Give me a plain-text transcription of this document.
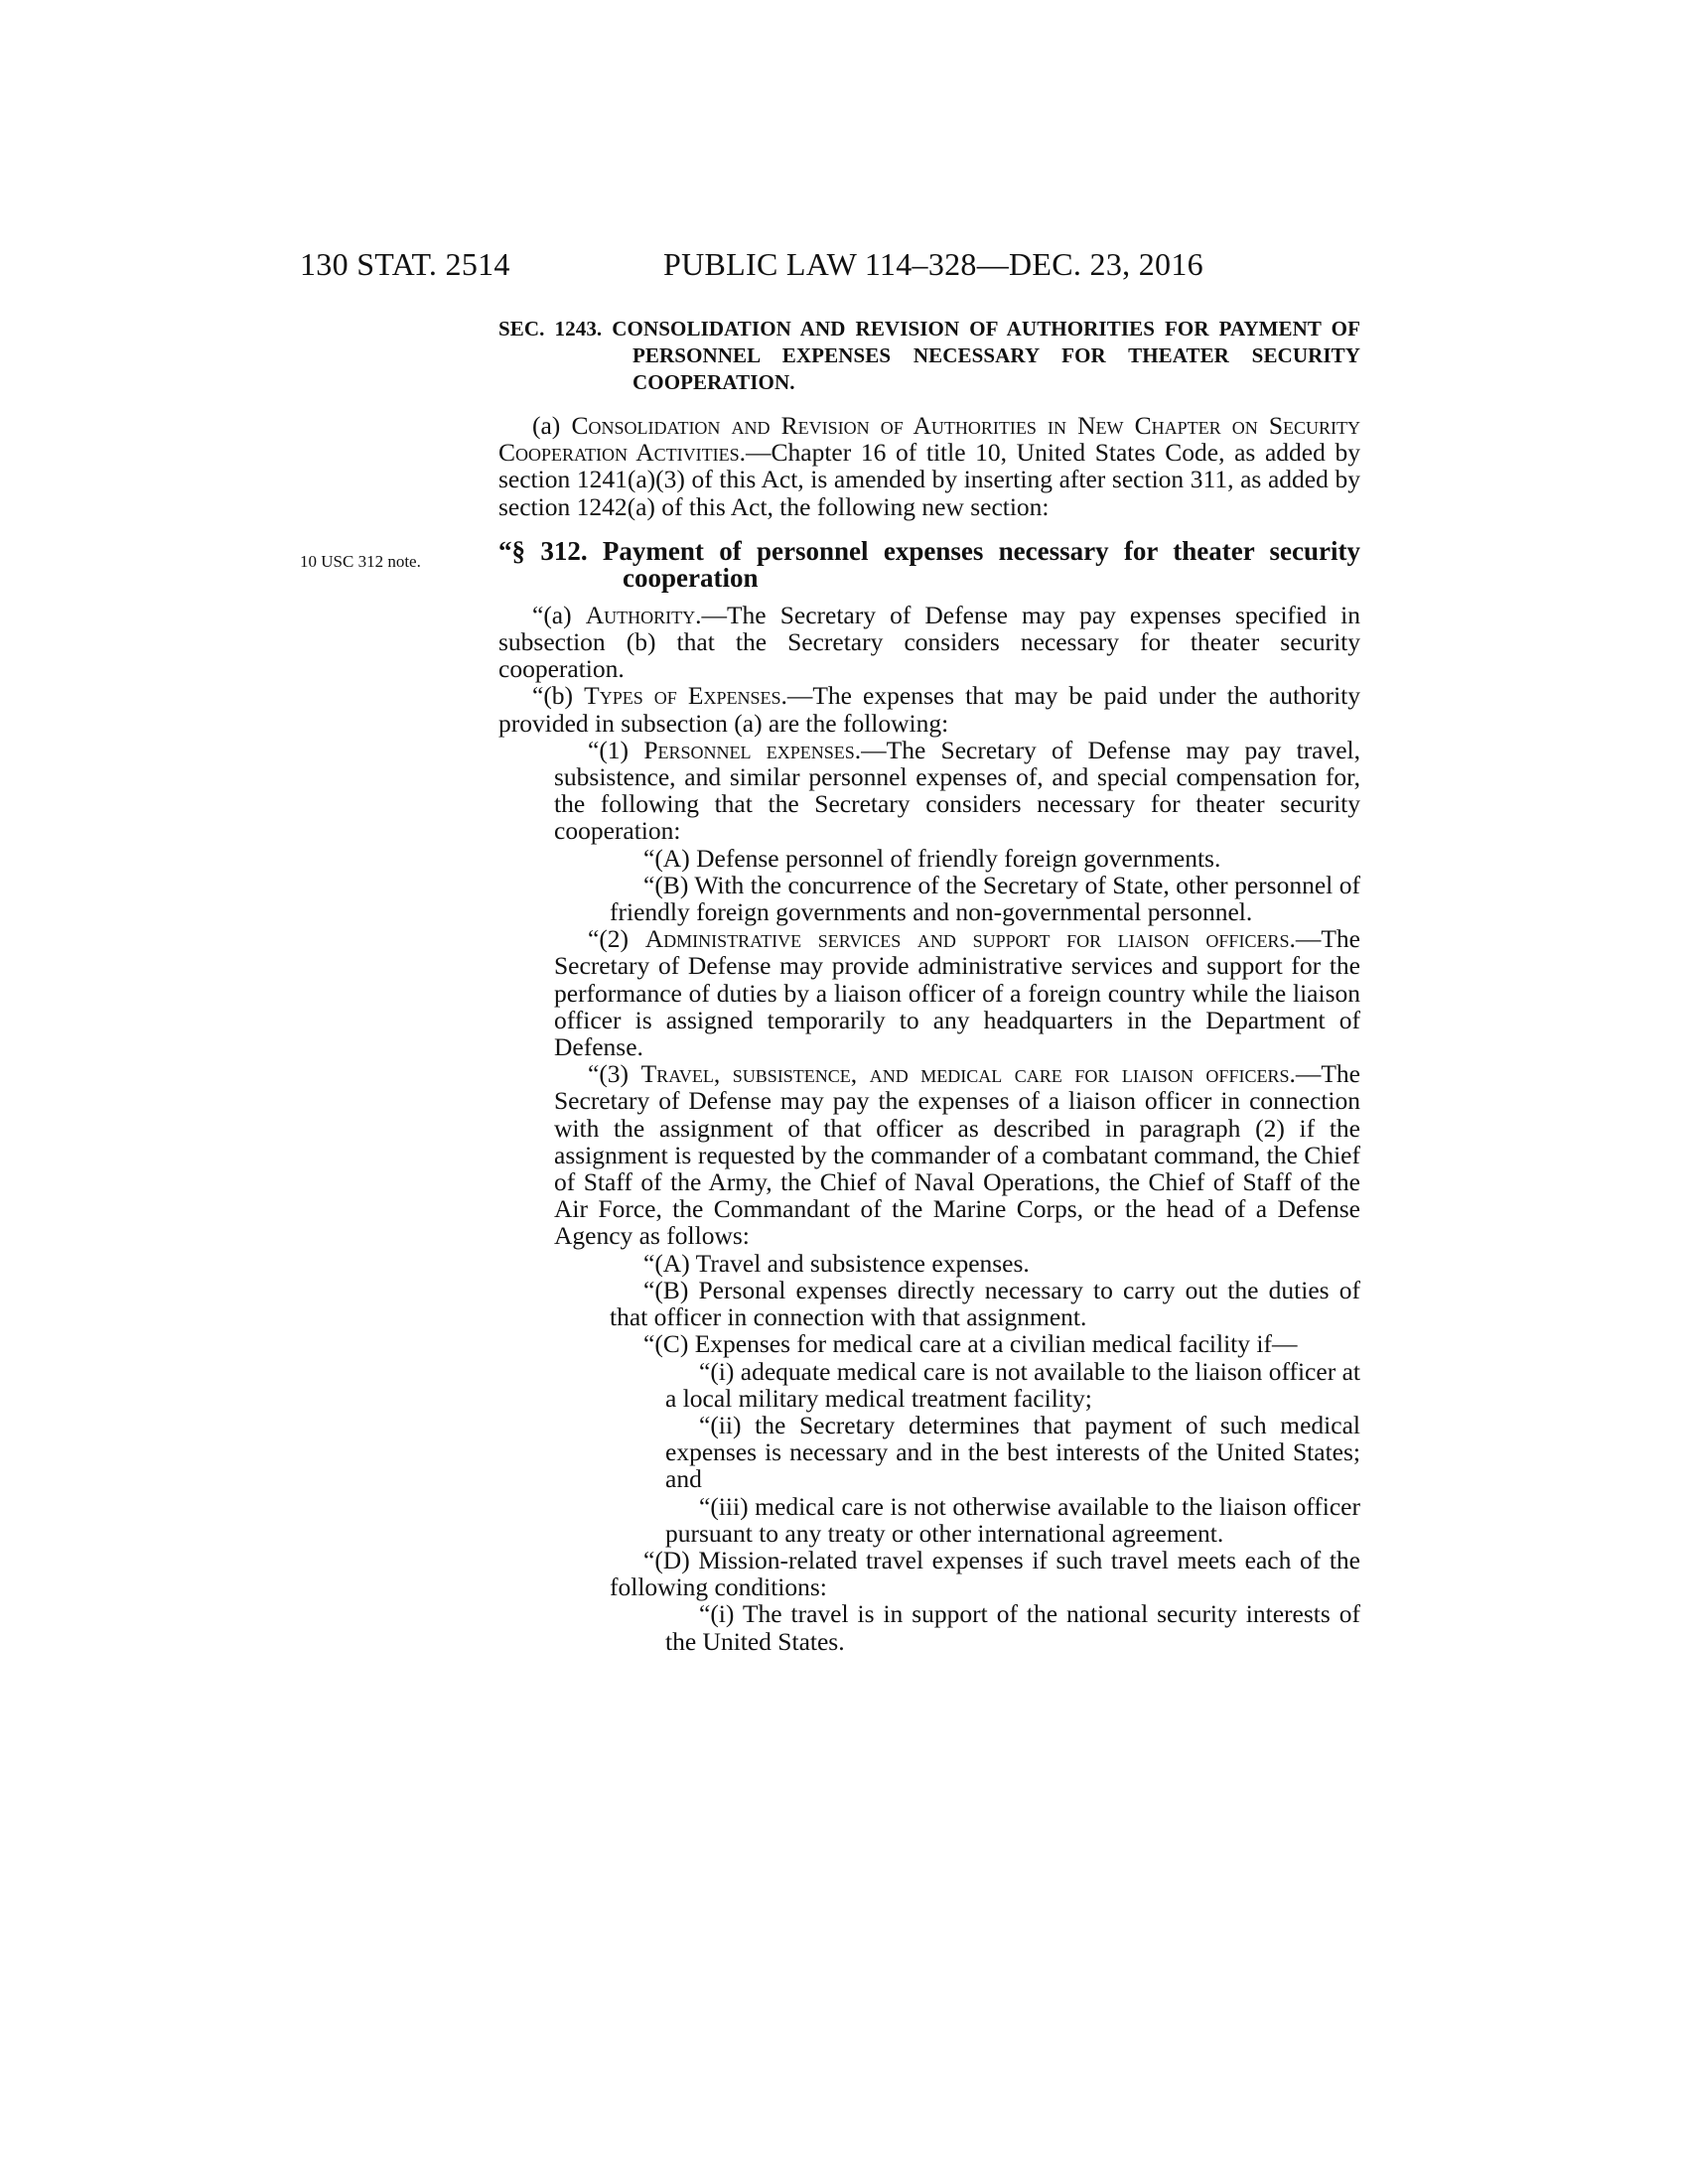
130 STAT. 2514	PUBLIC LAW 114–328—DEC. 23, 2016
10 USC 312 note.
SEC. 1243. CONSOLIDATION AND REVISION OF AUTHORITIES FOR PAYMENT OF PERSONNEL EXPENSES NECESSARY FOR THEATER SECURITY COOPERATION.

(a) Consolidation and Revision of Authorities in New Chapter on Security Cooperation Activities.—Chapter 16 of title 10, United States Code, as added by section 1241(a)(3) of this Act, is amended by inserting after section 311, as added by section 1242(a) of this Act, the following new section:

“§ 312. Payment of personnel expenses necessary for theater security cooperation

“(a) Authority.—The Secretary of Defense may pay expenses specified in subsection (b) that the Secretary considers necessary for theater security cooperation.

“(b) Types of Expenses.—The expenses that may be paid under the authority provided in subsection (a) are the following:

“(1) Personnel expenses.—The Secretary of Defense may pay travel, subsistence, and similar personnel expenses of, and special compensation for, the following that the Secretary considers necessary for theater security cooperation:

“(A) Defense personnel of friendly foreign governments.

“(B) With the concurrence of the Secretary of State, other personnel of friendly foreign governments and non-governmental personnel.

“(2) Administrative services and support for liaison officers.—The Secretary of Defense may provide administrative services and support for the performance of duties by a liaison officer of a foreign country while the liaison officer is assigned temporarily to any headquarters in the Department of Defense.

“(3) Travel, subsistence, and medical care for liaison officers.—The Secretary of Defense may pay the expenses of a liaison officer in connection with the assignment of that officer as described in paragraph (2) if the assignment is requested by the commander of a combatant command, the Chief of Staff of the Army, the Chief of Naval Operations, the Chief of Staff of the Air Force, the Commandant of the Marine Corps, or the head of a Defense Agency as follows:

“(A) Travel and subsistence expenses.

“(B) Personal expenses directly necessary to carry out the duties of that officer in connection with that assignment.

“(C) Expenses for medical care at a civilian medical facility if—

“(i) adequate medical care is not available to the liaison officer at a local military medical treatment facility;

“(ii) the Secretary determines that payment of such medical expenses is necessary and in the best interests of the United States; and

“(iii) medical care is not otherwise available to the liaison officer pursuant to any treaty or other international agreement.

“(D) Mission-related travel expenses if such travel meets each of the following conditions:

“(i) The travel is in support of the national security interests of the United States.
